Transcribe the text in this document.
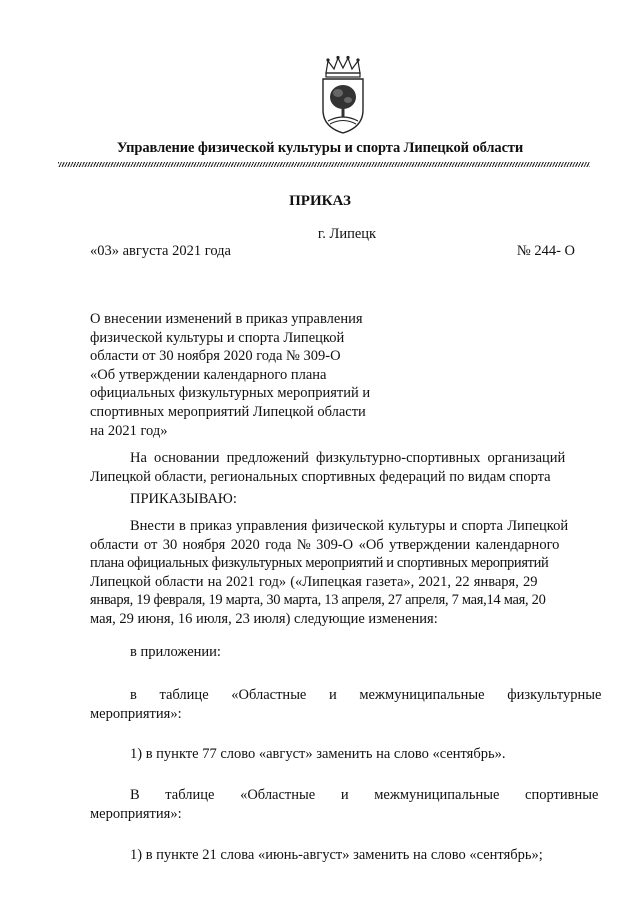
Управление физической культуры и спорта Липецкой области
ПРИКАЗ
г. Липецк
«03» августа 2021 года	№ 244- О
О внесении изменений в приказ управления
физической культуры и спорта Липецкой
области от 30 ноября 2020 года № 309-О
«Об утверждении календарного плана
официальных физкультурных мероприятий и
спортивных мероприятий Липецкой области
на 2021 год»
На основании предложений физкультурно-спортивных организаций
Липецкой области, региональных спортивных федераций по видам спорта
ПРИКАЗЫВАЮ:
Внести в приказ управления физической культуры и спорта Липецкой
области от 30 ноября 2020 года № 309-О «Об утверждении календарного
плана официальных физкультурных мероприятий и спортивных мероприятий
Липецкой области на 2021 год» («Липецкая газета», 2021, 22 января, 29
января, 19 февраля, 19 марта, 30 марта, 13 апреля, 27 апреля, 7 мая,14 мая, 20
мая, 29 июня, 16 июля, 23 июля) следующие изменения:
в приложении:
в таблице «Областные и межмуниципальные физкультурные
мероприятия»:
1) в пункте 77 слово «август» заменить на слово «сентябрь».
В таблице «Областные и межмуниципальные спортивные
мероприятия»:
1) в пункте 21 слова «июнь-август» заменить на слово «сентябрь»;
